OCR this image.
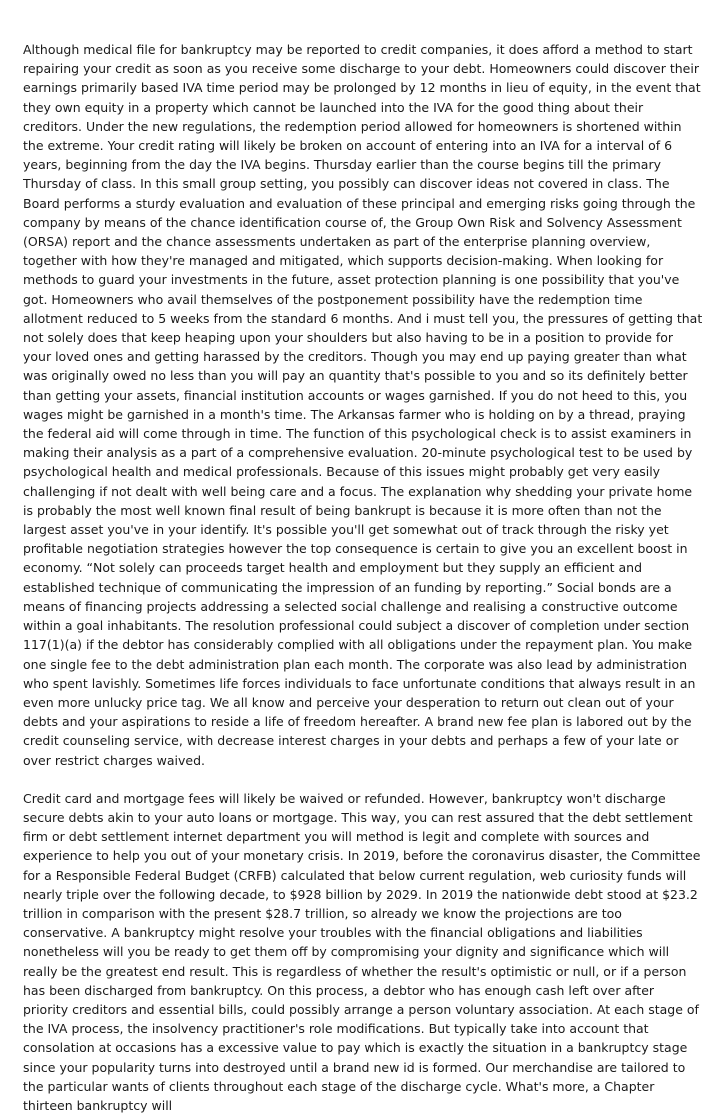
Although medical file for bankruptcy may be reported to credit companies, it does afford a method to start repairing your credit as soon as you receive some discharge to your debt. Homeowners could discover their earnings primarily based IVA time period may be prolonged by 12 months in lieu of equity, in the event that they own equity in a property which cannot be launched into the IVA for the good thing about their creditors. Under the new regulations, the redemption period allowed for homeowners is shortened within the extreme. Your credit rating will likely be broken on account of entering into an IVA for a interval of 6 years, beginning from the day the IVA begins. Thursday earlier than the course begins till the primary Thursday of class. In this small group setting, you possibly can discover ideas not covered in class. The Board performs a sturdy evaluation and evaluation of these principal and emerging risks going through the company by means of the chance identification course of, the Group Own Risk and Solvency Assessment (ORSA) report and the chance assessments undertaken as part of the enterprise planning overview, together with how they're managed and mitigated, which supports decision-making. When looking for methods to guard your investments in the future, asset protection planning is one possibility that you've got. Homeowners who avail themselves of the postponement possibility have the redemption time allotment reduced to 5 weeks from the standard 6 months. And i must tell you, the pressures of getting that not solely does that keep heaping upon your shoulders but also having to be in a position to provide for your loved ones and getting harassed by the creditors. Though you may end up paying greater than what was originally owed no less than you will pay an quantity that's possible to you and so its definitely better than getting your assets, financial institution accounts or wages garnished. If you do not heed to this, you wages might be garnished in a month's time. The Arkansas farmer who is holding on by a thread, praying the federal aid will come through in time. The function of this psychological check is to assist examiners in making their analysis as a part of a comprehensive evaluation. 20-minute psychological test to be used by psychological health and medical professionals. Because of this issues might probably get very easily challenging if not dealt with well being care and a focus. The explanation why shedding your private home is probably the most well known final result of being bankrupt is because it is more often than not the largest asset you've in your identify. It's possible you'll get somewhat out of track through the risky yet profitable negotiation strategies however the top consequence is certain to give you an excellent boost in economy. “Not solely can proceeds target health and employment but they supply an efficient and established technique of communicating the impression of an funding by reporting.” Social bonds are a means of financing projects addressing a selected social challenge and realising a constructive outcome within a goal inhabitants. The resolution professional could subject a discover of completion under section 117(1)(a) if the debtor has considerably complied with all obligations under the repayment plan. You make one single fee to the debt administration plan each month. The corporate was also lead by administration who spent lavishly. Sometimes life forces individuals to face unfortunate conditions that always result in an even more unlucky price tag. We all know and perceive your desperation to return out clean out of your debts and your aspirations to reside a life of freedom hereafter. A brand new fee plan is labored out by the credit counseling service, with decrease interest charges in your debts and perhaps a few of your late or over restrict charges waived.

Credit card and mortgage fees will likely be waived or refunded. However, bankruptcy won't discharge secure debts akin to your auto loans or mortgage. This way, you can rest assured that the debt settlement firm or debt settlement internet department you will method is legit and complete with sources and experience to help you out of your monetary crisis. In 2019, before the coronavirus disaster, the Committee for a Responsible Federal Budget (CRFB) calculated that below current regulation, web curiosity funds will nearly triple over the following decade, to $928 billion by 2029. In 2019 the nationwide debt stood at $23.2 trillion in comparison with the present $28.7 trillion, so already we know the projections are too conservative. A bankruptcy might resolve your troubles with the financial obligations and liabilities nonetheless will you be ready to get them off by compromising your dignity and significance which will really be the greatest end result. This is regardless of whether the result's optimistic or null, or if a person has been discharged from bankruptcy. On this process, a debtor who has enough cash left over after priority creditors and essential bills, could possibly arrange a person voluntary association. At each stage of the IVA process, the insolvency practitioner's role modifications. But typically take into account that consolation at occasions has a excessive value to pay which is exactly the situation in a bankruptcy stage since your popularity turns into destroyed until a brand new id is formed. Our merchandise are tailored to the particular wants of clients throughout each stage of the discharge cycle. What's more, a Chapter thirteen bankruptcy will
